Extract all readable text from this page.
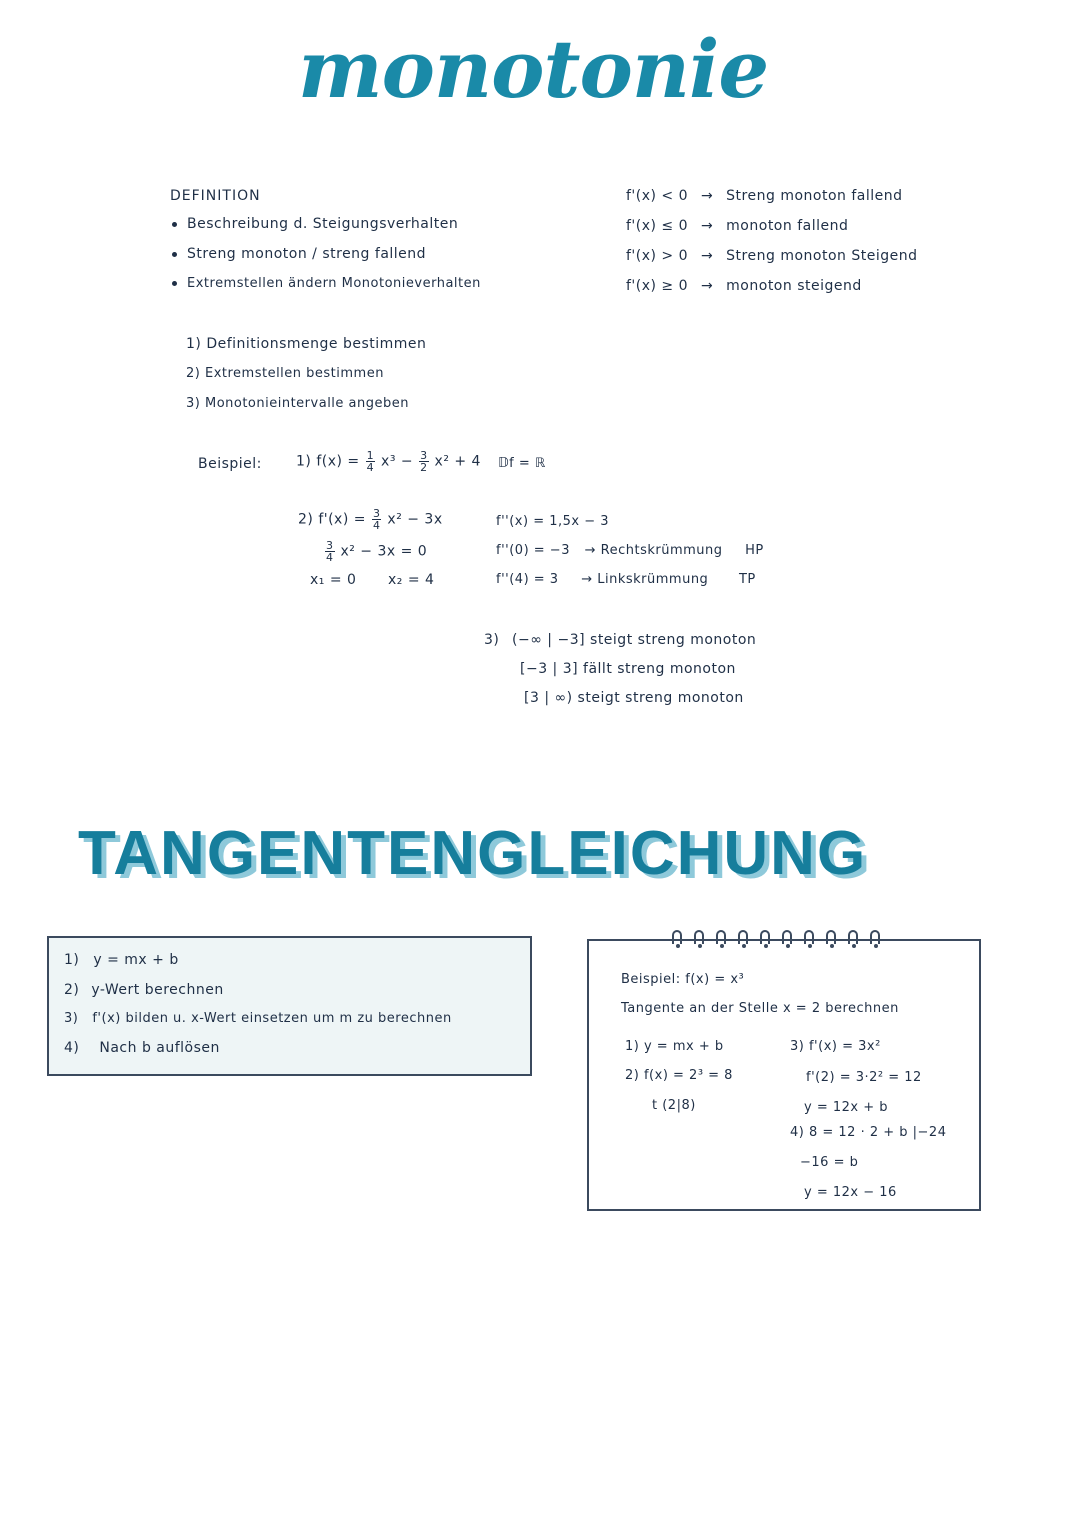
monotonie
DEFINITION
Beschreibung d. Steigungsverhalten
Streng monoton / streng fallend
Extremstellen ändern Monotonieverhalten
f'(x) < 0 → Streng monoton fallend
f'(x) ≤ 0 → monoton fallend
f'(x) > 0 → Streng monoton Steigend
f'(x) ≥ 0 → monoton steigend
1) Definitionsmenge bestimmen
2) Extremstellen bestimmen
3) Monotonieintervalle angeben
Beispiel: 1) $f(x) = \frac{1}{4} x^3 - \frac{3}{2} x^2 + 4$ 𝔻f = ℝ
2) $f'(x) = \frac{3}{4} x^2 - 3x$
$\frac{3}{4} x^2 - 3x = 0$
x₁ = 0 x₂ = 4
f''(x) = 1,5x − 3
f''(0) = −3 → Rechtskrümmung HP
f''(4) = 3 → Linkskrümmung TP
3) (−∞ | −3] steigt streng monoton
[−3 | 3] fällt streng monoton
[3 | ∞) steigt streng monoton
TANGENTENGLEICHUNG
1) y = mx + b
2) y-Wert berechnen
3) f'(x) bilden u. x-Wert einsetzen um m zu berechnen
4) Nach b auflösen
Beispiel: f(x) = x³
Tangente an der Stelle x = 2 berechnen
1) y = mx + b
2) f(x) = 2³ = 8
t (2|8)
3) f'(x) = 3x²
f'(2) = 3·2² = 12
y = 12x + b
4) 8 = 12 · 2 + b |−24
−16 = b
y = 12x − 16
